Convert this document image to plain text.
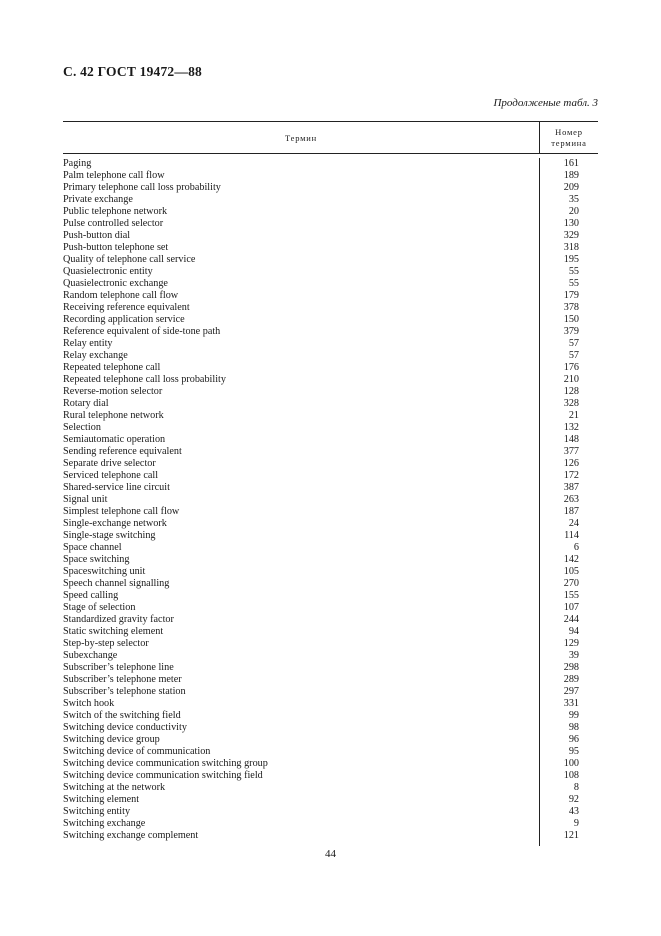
С. 42 ГОСТ 19472—88
Продолженые табл. 3
Термин
Номер
термина
Paging
Palm telephone call flow
Primary telephone call loss probability
Private exchange
Public telephone network
Pulse controlled selector
Push-button dial
Push-button telephone set
Quality of telephone call service
Quasielectronic entity
Quasielectronic exchange
Random telephone call flow
Receiving reference equivalent
Recording application service
Reference equivalent of side-tone path
Relay entity
Relay exchange
Repeated telephone call
Repeated telephone call loss probability
Reverse-motion selector
Rotary dial
Rural telephone network
Selection
Semiautomatic operation
Sending reference equivalent
Separate drive selector
Serviced telephone call
Shared-service line circuit
Signal unit
Simplest telephone call flow
Single-exchange network
Single-stage switching
Space channel
Space switching
Spaceswitching unit
Speech channel signalling
Speed calling
Stage of selection
Standardized gravity factor
Static switching element
Step-by-step selector
Subexchange
Subscriber’s telephone line
Subscriber’s telephone meter
Subscriber’s telephone station
Switch hook
Switch of the switching field
Switching device conductivity
Switching device group
Switching device of communication
Switching device communication switching group
Switching device communication switching field
Switching at the network
Switching element
Switching entity
Switching exchange
Switching exchange complement
161
189
209
35
20
130
329
318
195
55
55
179
378
150
379
57
57
176
210
128
328
21
132
148
377
126
172
387
263
187
24
114
6
142
105
270
155
107
244
94
129
39
298
289
297
331
99
98
96
95
100
108
8
92
43
9
121
44
